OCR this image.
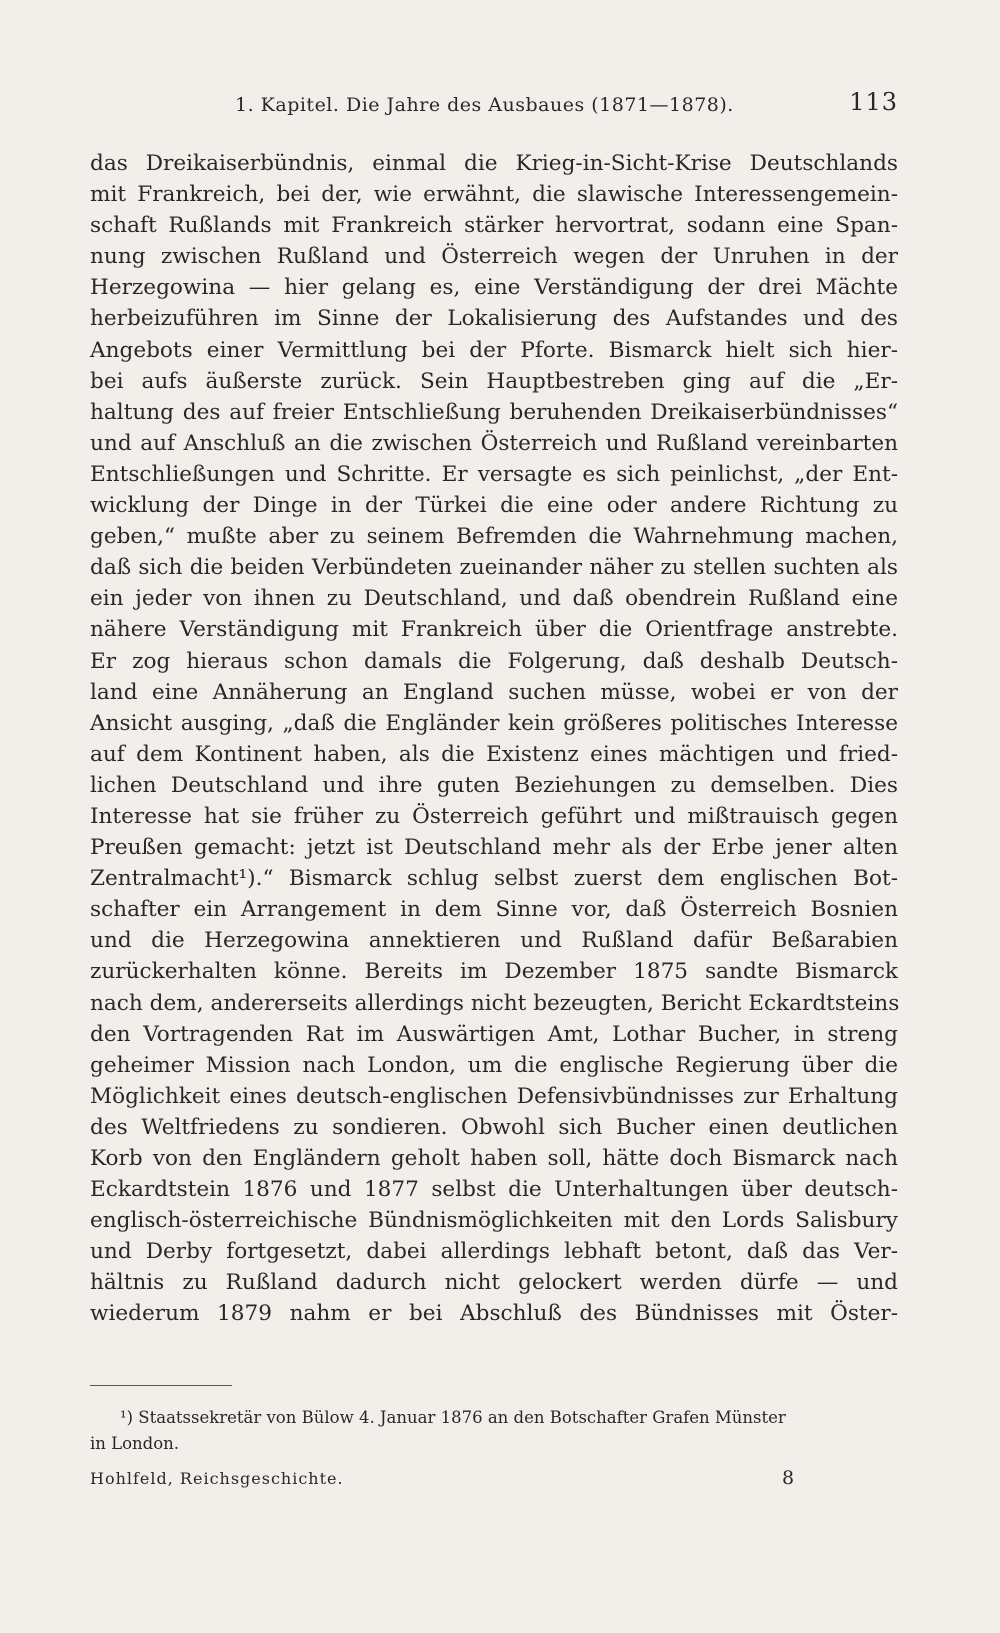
1. Kapitel. Die Jahre des Ausbaues (1871—1878).	113
das Dreikaiserbündnis, einmal die Krieg-in-Sicht-Krise Deutschlands
mit Frankreich, bei der, wie erwähnt, die slawische Interessengemein-
schaft Rußlands mit Frankreich stärker hervortrat, sodann eine Span-
nung zwischen Rußland und Österreich wegen der Unruhen in der
Herzegowina — hier gelang es, eine Verständigung der drei Mächte
herbeizuführen im Sinne der Lokalisierung des Aufstandes und des
Angebots einer Vermittlung bei der Pforte. Bismarck hielt sich hier-
bei aufs äußerste zurück. Sein Hauptbestreben ging auf die „Er-
haltung des auf freier Entschließung beruhenden Dreikaiserbündnisses“
und auf Anschluß an die zwischen Österreich und Rußland vereinbarten
Entschließungen und Schritte. Er versagte es sich peinlichst, „der Ent-
wicklung der Dinge in der Türkei die eine oder andere Richtung zu
geben,“ mußte aber zu seinem Befremden die Wahrnehmung machen,
daß sich die beiden Verbündeten zueinander näher zu stellen suchten als
ein jeder von ihnen zu Deutschland, und daß obendrein Rußland eine
nähere Verständigung mit Frankreich über die Orientfrage anstrebte.
Er zog hieraus schon damals die Folgerung, daß deshalb Deutsch-
land eine Annäherung an England suchen müsse, wobei er von der
Ansicht ausging, „daß die Engländer kein größeres politisches Interesse
auf dem Kontinent haben, als die Existenz eines mächtigen und fried-
lichen Deutschland und ihre guten Beziehungen zu demselben. Dies
Interesse hat sie früher zu Österreich geführt und mißtrauisch gegen
Preußen gemacht: jetzt ist Deutschland mehr als der Erbe jener alten
Zentralmacht¹).“ Bismarck schlug selbst zuerst dem englischen Bot-
schafter ein Arrangement in dem Sinne vor, daß Österreich Bosnien
und die Herzegowina annektieren und Rußland dafür Beßarabien
zurückerhalten könne. Bereits im Dezember 1875 sandte Bismarck
nach dem, andererseits allerdings nicht bezeugten, Bericht Eckardtsteins
den Vortragenden Rat im Auswärtigen Amt, Lothar Bucher, in streng
geheimer Mission nach London, um die englische Regierung über die
Möglichkeit eines deutsch-englischen Defensivbündnisses zur Erhaltung
des Weltfriedens zu sondieren. Obwohl sich Bucher einen deutlichen
Korb von den Engländern geholt haben soll, hätte doch Bismarck nach
Eckardtstein 1876 und 1877 selbst die Unterhaltungen über deutsch-
englisch-österreichische Bündnismöglichkeiten mit den Lords Salisbury
und Derby fortgesetzt, dabei allerdings lebhaft betont, daß das Ver-
hältnis zu Rußland dadurch nicht gelockert werden dürfe — und
wiederum 1879 nahm er bei Abschluß des Bündnisses mit Öster-
¹) Staatssekretär von Bülow 4. Januar 1876 an den Botschafter Grafen Münster
in London.
Hohlfeld, Reichsgeschichte.	8
